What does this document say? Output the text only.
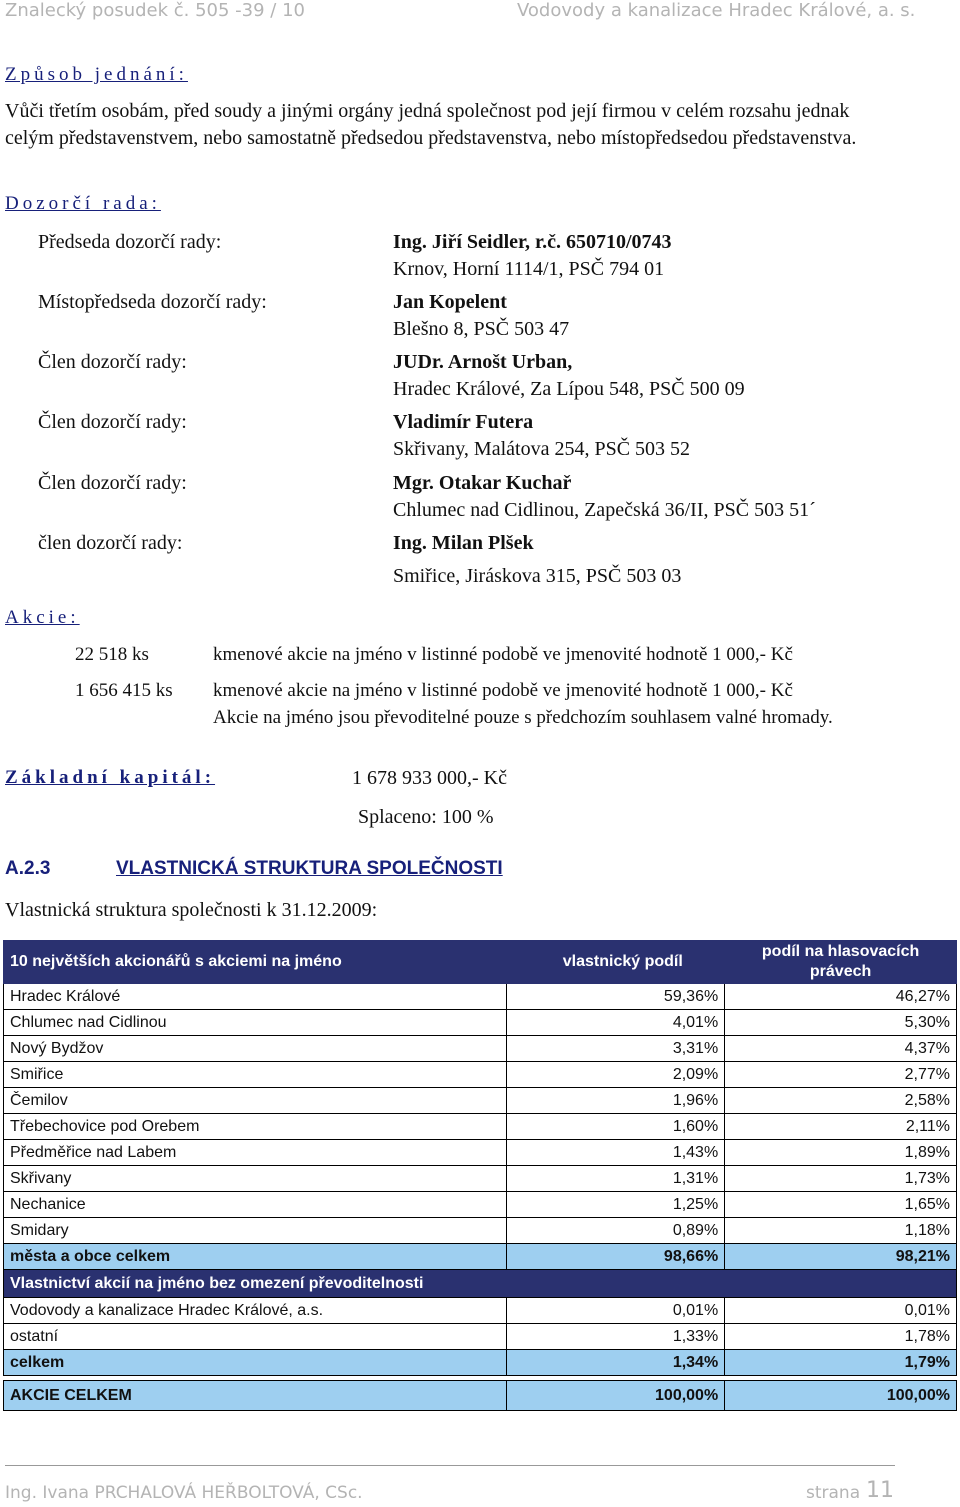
Znalecký posudek č. 505 -39 / 10	Vodovody a kanalizace Hradec Králové, a. s.
Způsob jednání:
Vůči třetím osobám, před soudy a jinými orgány jedná společnost pod její firmou v celém rozsahu jednak celým představenstvem, nebo samostatně předsedou představenstva, nebo místopředsedou představenstva.
Dozorčí rada:
Předseda dozorčí rady:	Ing. Jiří Seidler, r.č. 650710/0743
Krnov, Horní 1114/1, PSČ 794 01
Místopředseda dozorčí rady:	Jan Kopelent
Blešno 8, PSČ 503 47
Člen dozorčí rady:	JUDr. Arnošt Urban,
Hradec Králové, Za Lípou 548, PSČ 500 09
Člen dozorčí rady:	Vladimír Futera
Skřivany, Malátova 254, PSČ 503 52
Člen dozorčí rady:	Mgr. Otakar Kuchař
Chlumec nad Cidlinou, Zapečská 36/II, PSČ 503 51´
člen dozorčí rady:	Ing. Milan Plšek
Smiřice, Jiráskova 315, PSČ 503 03
Akcie:
22 518 ks	kmenové akcie na jméno v listinné podobě ve jmenovité hodnotě 1 000,- Kč
1 656 415 ks kmenové akcie na jméno v listinné podobě ve jmenovité hodnotě 1 000,- Kč
Akcie na jméno jsou převoditelné pouze s předchozím souhlasem valné hromady.
Základní kapitál:	1 678 933 000,- Kč
Splaceno: 100 %
A.2.3	VLASTNICKÁ STRUKTURA SPOLEČNOSTI
Vlastnická struktura společnosti k 31.12.2009:
10 největších akcionářů s akciemi na jméno	vlastnický podíl	podíl na hlasovacích právech
Hradec Králové	59,36%	46,27%
Chlumec nad Cidlinou	4,01%	5,30%
Nový Bydžov	3,31%	4,37%
Smiřice	2,09%	2,77%
Čemilov	1,96%	2,58%
Třebechovice pod Orebem	1,60%	2,11%
Předměřice nad Labem	1,43%	1,89%
Skřivany	1,31%	1,73%
Nechanice	1,25%	1,65%
Smidary	0,89%	1,18%
města a obce celkem	98,66%	98,21%
Vlastnictví akcií na jméno bez omezení převoditelnosti		
Vodovody a kanalizace Hradec Králové, a.s.	0,01%	0,01%
ostatní	1,33%	1,78%
celkem	1,34%	1,79%

AKCIE CELKEM	100,00%	100,00%
Ing. Ivana PRCHALOVÁ HEŘBOLTOVÁ, CSc.	strana 11
